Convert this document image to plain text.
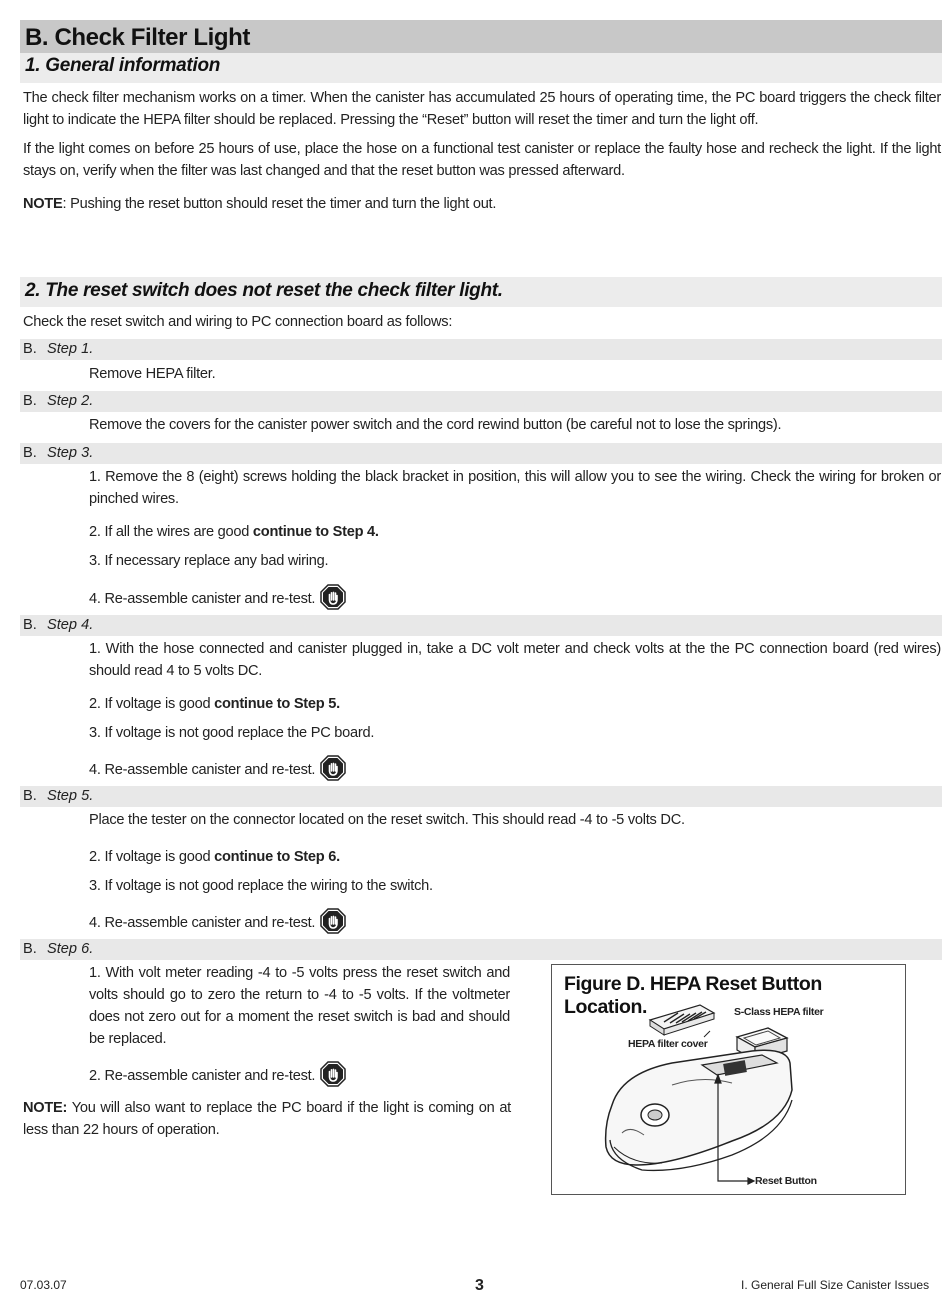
B. Check Filter Light
1. General information
The check filter mechanism works on a timer. When the canister has accumulated 25 hours of operating time, the PC board triggers the check filter light to indicate the HEPA filter should be replaced. Pressing the “Reset” button will reset the timer and turn the light off.
If the light comes on before 25 hours of use, place the hose on a functional test canister or replace the faulty hose and recheck the light. If the light stays on, verify when the filter was last changed and that the reset button was pressed afterward.
NOTE: Pushing the reset button should reset the timer and turn the light out.
2. The reset switch does not reset the check filter light.
Check the reset switch and wiring to PC connection board as follows:
B. Step 1.
Remove HEPA filter.
B. Step 2.
Remove the covers for the canister power switch and the cord rewind button (be careful not to lose the springs).
B. Step 3.
1. Remove the 8 (eight) screws holding the black bracket in position, this will allow you to see the wiring. Check the wiring for broken or pinched wires.
2. If all the wires are good continue to Step 4.
3. If necessary replace any bad wiring.
4. Re-assemble canister and re-test.
B. Step 4.
1. With the hose connected and canister plugged in, take a DC volt meter and check volts at the the PC connection board (red wires) should read 4 to 5 volts DC.
2. If voltage is good continue to Step 5.
3. If voltage is not good replace the PC board.
4. Re-assemble canister and re-test.
B. Step 5.
Place the tester on the connector located on the reset switch. This should read -4 to -5 volts DC.
2. If voltage is good continue to Step 6.
3. If voltage is not good replace the wiring to the switch.
4. Re-assemble canister and re-test.
B. Step 6.
1. With volt meter reading -4 to -5 volts press the reset switch and volts should go to zero the return to -4 to -5 volts. If the voltmeter does not zero out for a moment the reset switch is bad and should be replaced.
2. Re-assemble canister and re-test.
NOTE: You will also want to replace the PC board if the light is coming on at less than 22 hours of operation.
Figure D. HEPA Reset Button Location.	S-Class HEPA filter
HEPA filter cover
Reset Button
07.03.07	3	I. General Full Size Canister Issues
